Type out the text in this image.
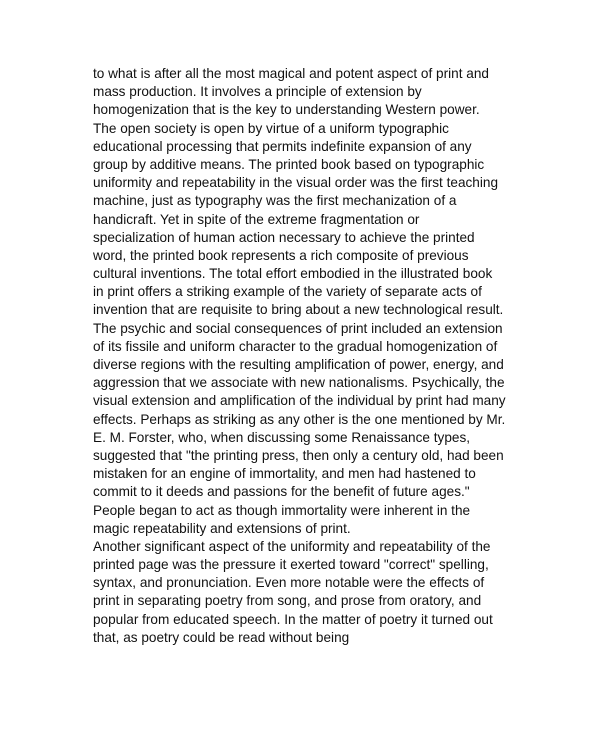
to what is after all the most magical and potent aspect of print and
mass production. It involves a principle of extension by
homogenization that is the key to understanding Western power.
The open society is open by virtue of a uniform typographic
educational processing that permits indefinite expansion of any
group by additive means. The printed book based on typographic
uniformity and repeatability in the visual order was the first teaching
machine, just as typography was the first mechanization of a
handicraft. Yet in spite of the extreme fragmentation or
specialization of human action necessary to achieve the printed
word, the printed book represents a rich composite of previous
cultural inventions. The total effort embodied in the illustrated book
in print offers a striking example of the variety of separate acts of
invention that are requisite to bring about a new technological result.
The psychic and social consequences of print included an extension
of its fissile and uniform character to the gradual homogenization of
diverse regions with the resulting amplification of power, energy, and
aggression that we associate with new nationalisms. Psychically, the
visual extension and amplification of the individual by print had many
effects. Perhaps as striking as any other is the one mentioned by Mr.
E. M. Forster, who, when discussing some Renaissance types,
suggested that "the printing press, then only a century old, had been
mistaken for an engine of immortality, and men had hastened to
commit to it deeds and passions for the benefit of future ages."
People began to act as though immortality were inherent in the
magic repeatability and extensions of print.
Another significant aspect of the uniformity and repeatability of the
printed page was the pressure it exerted toward "correct" spelling,
syntax, and pronunciation. Even more notable were the effects of
print in separating poetry from song, and prose from oratory, and
popular from educated speech. In the matter of poetry it turned out
that, as poetry could be read without being
